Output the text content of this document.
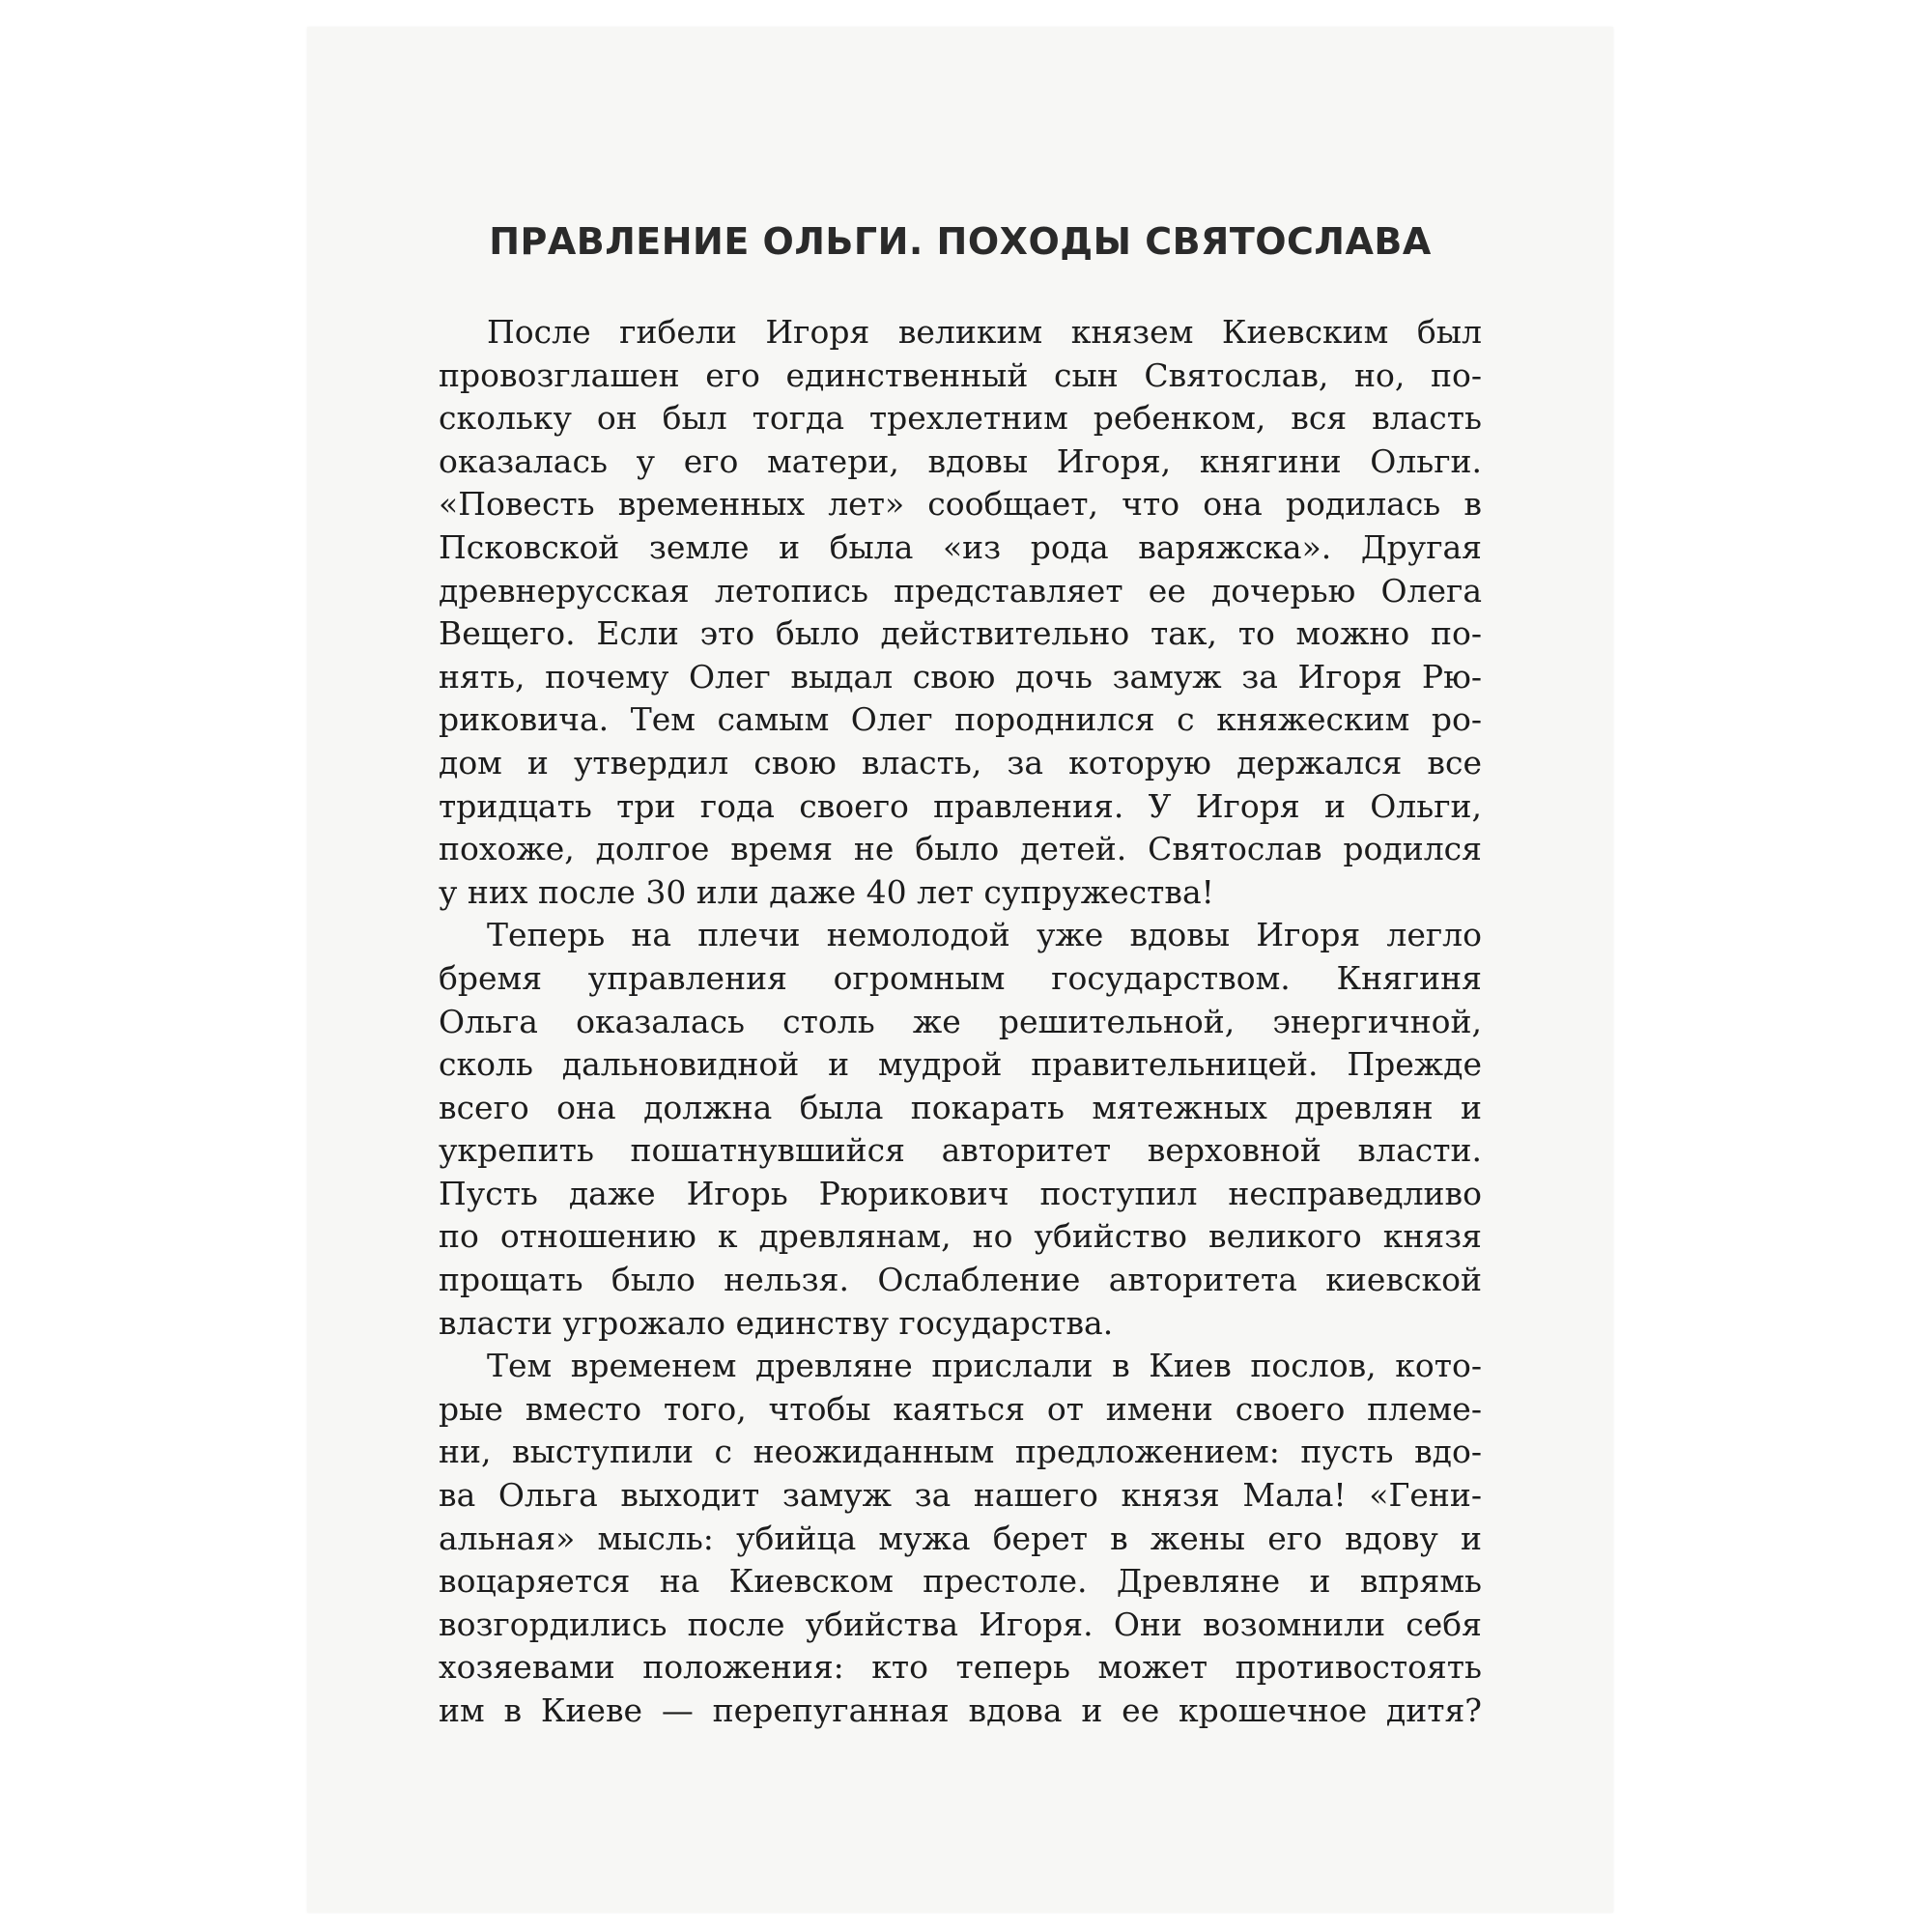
ПРАВЛЕНИЕ ОЛЬГИ. ПОХОДЫ СВЯТОСЛАВА
После гибели Игоря великим князем Киевским был
провозглашен его единственный сын Святослав, но, по-
скольку он был тогда трехлетним ребенком, вся власть
оказалась у его матери, вдовы Игоря, княгини Ольги.
«Повесть временных лет» сообщает, что она родилась в
Псковской земле и была «из рода варяжска». Другая
древнерусская летопись представляет ее дочерью Олега
Вещего. Если это было действительно так, то можно по-
нять, почему Олег выдал свою дочь замуж за Игоря Рю-
риковича. Тем самым Олег породнился с княжеским ро-
дом и утвердил свою власть, за которую держался все
тридцать три года своего правления. У Игоря и Ольги,
похоже, долгое время не было детей. Святослав родился
у них после 30 или даже 40 лет супружества!
Теперь на плечи немолодой уже вдовы Игоря легло
бремя управления огромным государством. Княгиня
Ольга оказалась столь же решительной, энергичной,
сколь дальновидной и мудрой правительницей. Прежде
всего она должна была покарать мятежных древлян и
укрепить пошатнувшийся авторитет верховной власти.
Пусть даже Игорь Рюрикович поступил несправедливо
по отношению к древлянам, но убийство великого князя
прощать было нельзя. Ослабление авторитета киевской
власти угрожало единству государства.
Тем временем древляне прислали в Киев послов, кото-
рые вместо того, чтобы каяться от имени своего племе-
ни, выступили с неожиданным предложением: пусть вдо-
ва Ольга выходит замуж за нашего князя Мала! «Гени-
альная» мысль: убийца мужа берет в жены его вдову и
воцаряется на Киевском престоле. Древляне и впрямь
возгордились после убийства Игоря. Они возомнили себя
хозяевами положения: кто теперь может противостоять
им в Киеве — перепуганная вдова и ее крошечное дитя?
